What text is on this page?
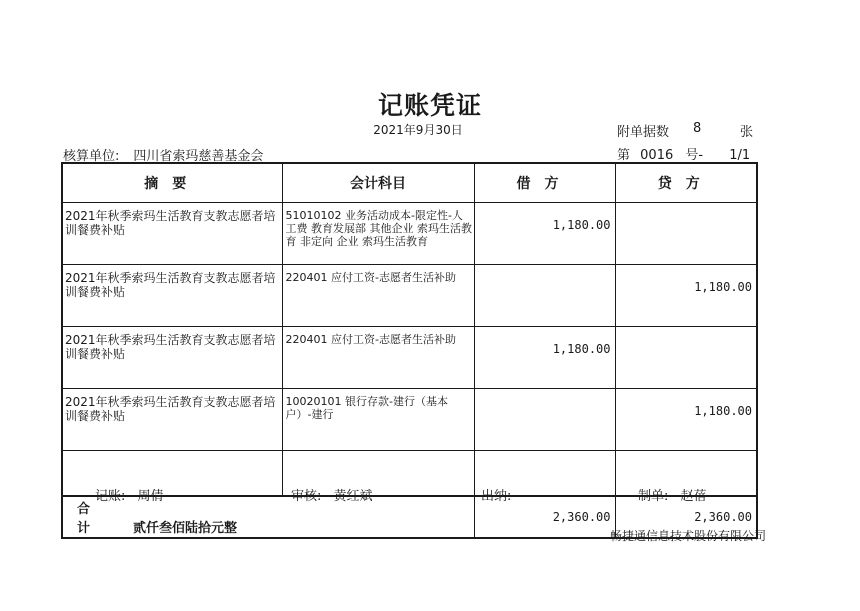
记账凭证
2021年9月30日	附单据数 8	张
核算单位: 四川省索玛慈善基金会	第 0016 号- 1/1
摘要	会计科目	借方	贷方
2021年秋季索玛生活教育支教志愿者培训餐费补贴	51010102 业务活动成本-限定性-人工费 教育发展部 其他企业 索玛生活教育 非定向 企业 索玛生活教育	1,180.00	
2021年秋季索玛生活教育支教志愿者培训餐费补贴	220401 应付工资-志愿者生活补助		1,180.00
2021年秋季索玛生活教育支教志愿者培训餐费补贴	220401 应付工资-志愿者生活补助	1,180.00	
2021年秋季索玛生活教育支教志愿者培训餐费补贴	10020101 银行存款-建行（基本户）-建行		1,180.00

合计 贰仟叁佰陆拾元整		2,360.00	2,360.00
记账: 周倩	审核: 黄红斌	出纳:	制单: 赵蓓
畅捷通信息技术股份有限公司
